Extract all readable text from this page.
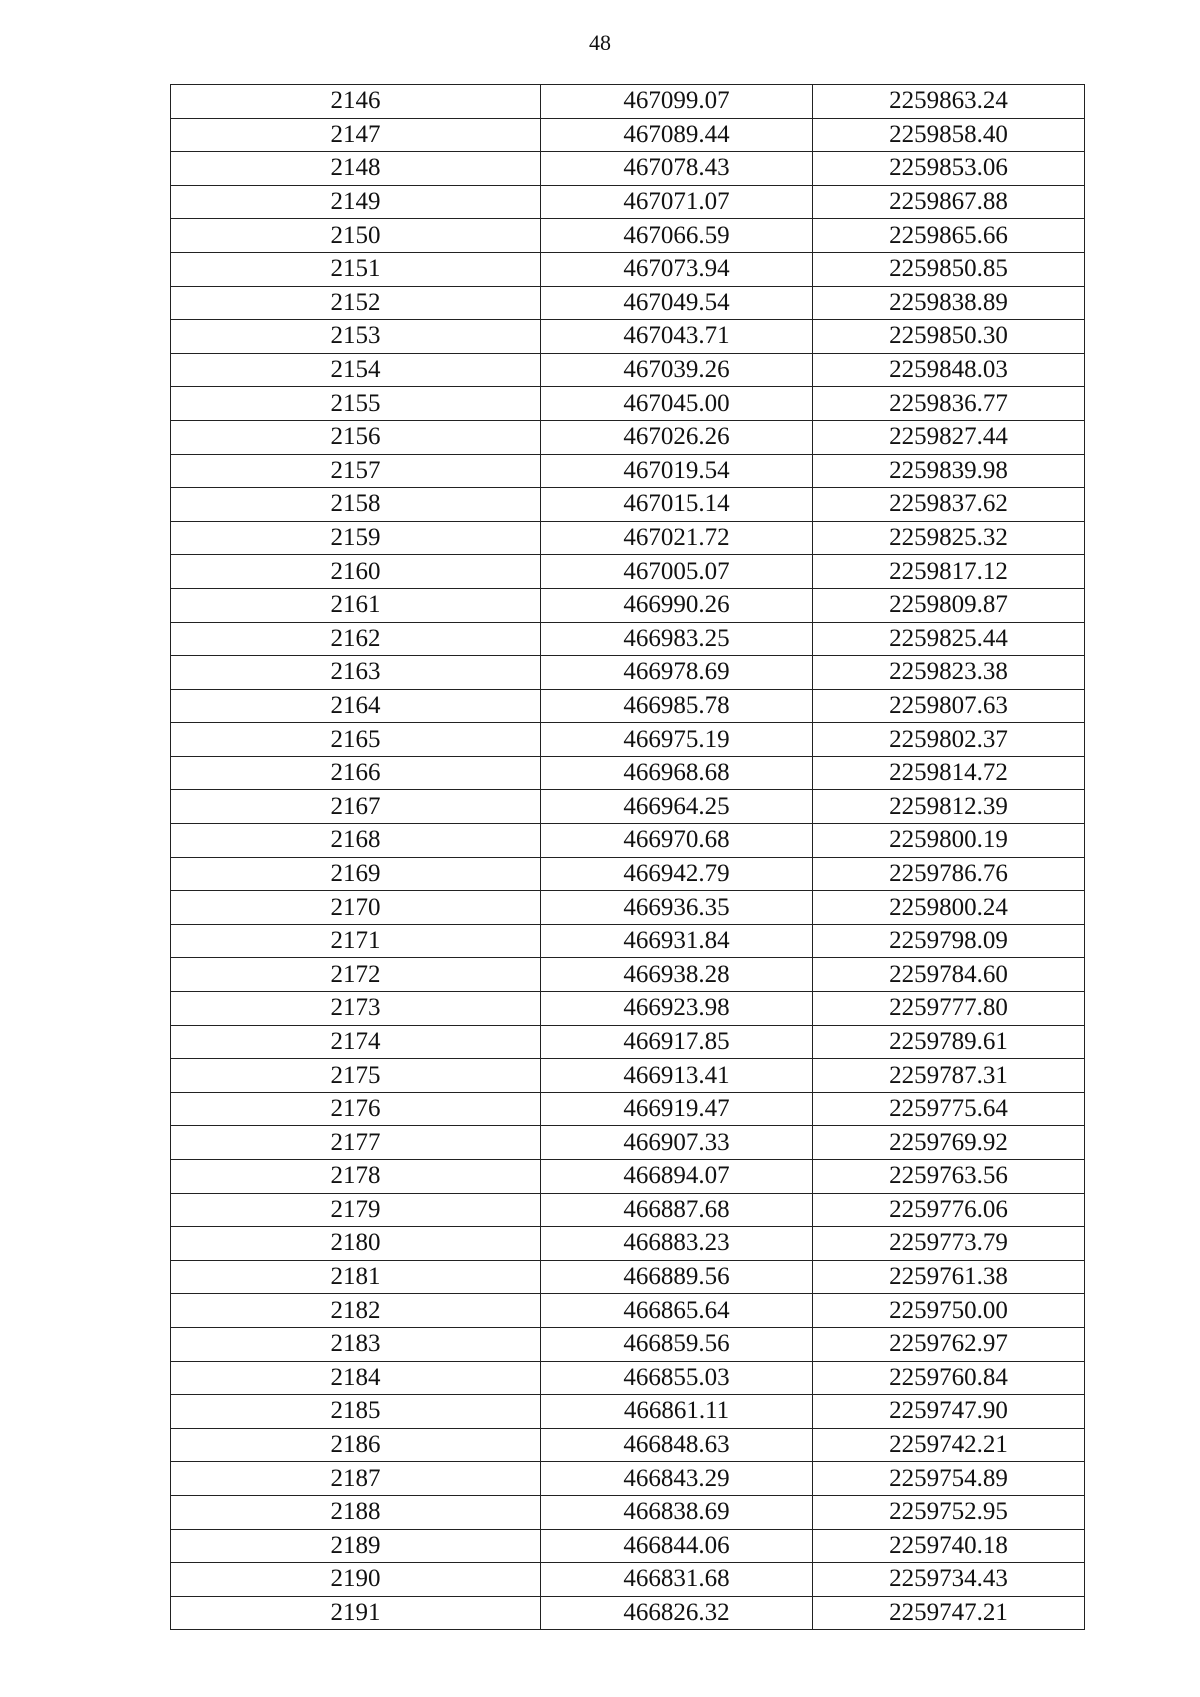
48
2146	467099.07	2259863.24
2147	467089.44	2259858.40
2148	467078.43	2259853.06
2149	467071.07	2259867.88
2150	467066.59	2259865.66
2151	467073.94	2259850.85
2152	467049.54	2259838.89
2153	467043.71	2259850.30
2154	467039.26	2259848.03
2155	467045.00	2259836.77
2156	467026.26	2259827.44
2157	467019.54	2259839.98
2158	467015.14	2259837.62
2159	467021.72	2259825.32
2160	467005.07	2259817.12
2161	466990.26	2259809.87
2162	466983.25	2259825.44
2163	466978.69	2259823.38
2164	466985.78	2259807.63
2165	466975.19	2259802.37
2166	466968.68	2259814.72
2167	466964.25	2259812.39
2168	466970.68	2259800.19
2169	466942.79	2259786.76
2170	466936.35	2259800.24
2171	466931.84	2259798.09
2172	466938.28	2259784.60
2173	466923.98	2259777.80
2174	466917.85	2259789.61
2175	466913.41	2259787.31
2176	466919.47	2259775.64
2177	466907.33	2259769.92
2178	466894.07	2259763.56
2179	466887.68	2259776.06
2180	466883.23	2259773.79
2181	466889.56	2259761.38
2182	466865.64	2259750.00
2183	466859.56	2259762.97
2184	466855.03	2259760.84
2185	466861.11	2259747.90
2186	466848.63	2259742.21
2187	466843.29	2259754.89
2188	466838.69	2259752.95
2189	466844.06	2259740.18
2190	466831.68	2259734.43
2191	466826.32	2259747.21
